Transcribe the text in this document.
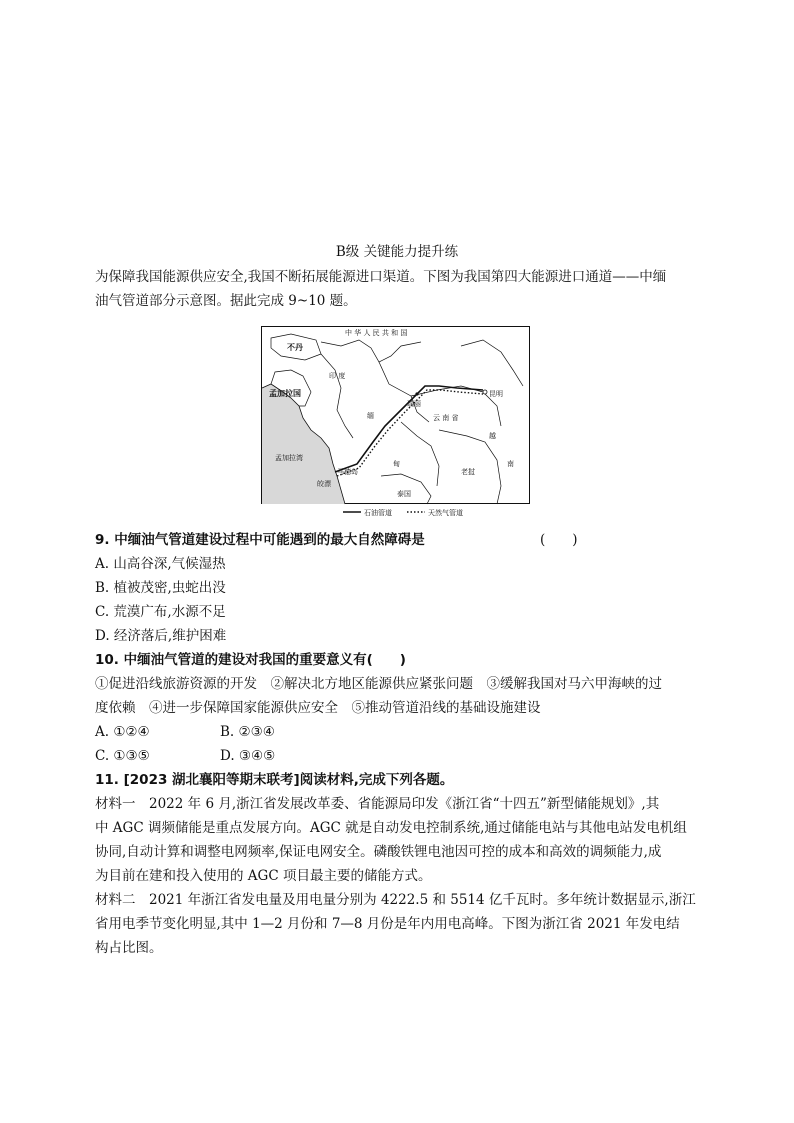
B级 关键能力提升练
为保障我国能源供应安全,我国不断拓展能源进口渠道。下图为我国第四大能源进口通道——中缅
油气管道部分示意图。据此完成 9~10 题。
中 华 人 民 共 和 国
不丹
印 度
孟加拉国
孟加拉湾
瑞丽
昆明
云 南 省
缅
甸
越
南
老挝
泰国
马德岛
皎漂
石油管道	天然气管道
9. 中缅油气管道建设过程中可能遇到的最大自然障碍是	(　　)
A. 山高谷深,气候湿热
B. 植被茂密,虫蛇出没
C. 荒漠广布,水源不足
D. 经济落后,维护困难
10. 中缅油气管道的建设对我国的重要意义有(　　)
①促进沿线旅游资源的开发　②解决北方地区能源供应紧张问题　③缓解我国对马六甲海峡的过
度依赖　④进一步保障国家能源供应安全　⑤推动管道沿线的基础设施建设
A. ①②④	B. ②③④
C. ①③⑤	D. ③④⑤
11. [2023 湖北襄阳等期末联考]阅读材料,完成下列各题。
材料一　2022 年 6 月,浙江省发展改革委、省能源局印发《浙江省“十四五”新型储能规划》,其
中 AGC 调频储能是重点发展方向。AGC 就是自动发电控制系统,通过储能电站与其他电站发电机组
协同,自动计算和调整电网频率,保证电网安全。磷酸铁锂电池因可控的成本和高效的调频能力,成
为目前在建和投入使用的 AGC 项目最主要的储能方式。
材料二　2021 年浙江省发电量及用电量分别为 4222.5 和 5514 亿千瓦时。多年统计数据显示,浙江
省用电季节变化明显,其中 1—2 月份和 7—8 月份是年内用电高峰。下图为浙江省 2021 年发电结
构占比图。
